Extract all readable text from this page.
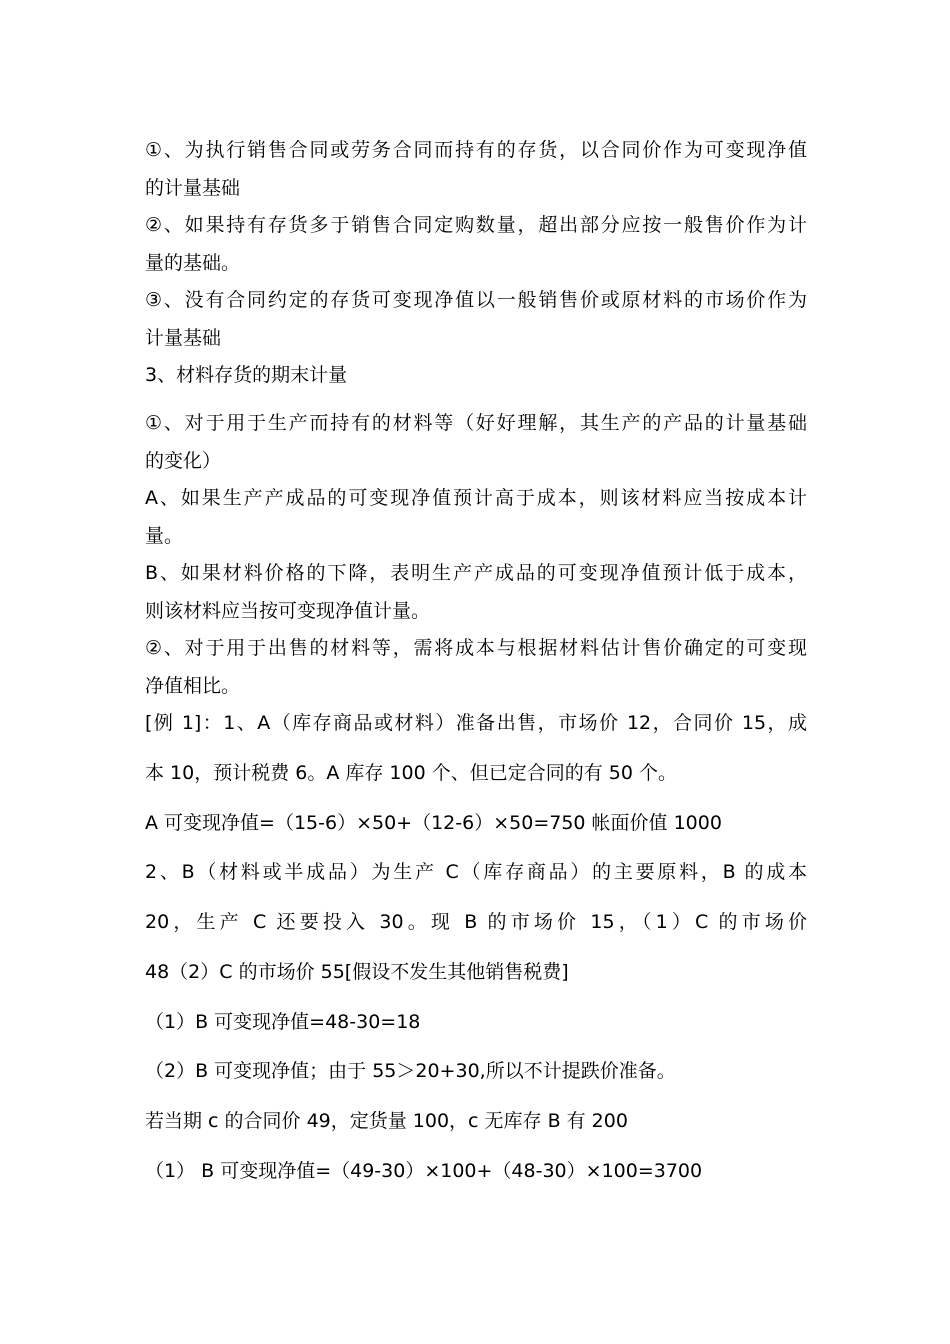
①、为执行销售合同或劳务合同而持有的存货，以合同价作为可变现净值
的计量基础
②、如果持有存货多于销售合同定购数量，超出部分应按一般售价作为计
量的基础。
③、没有合同约定的存货可变现净值以一般销售价或原材料的市场价作为
计量基础
3、材料存货的期末计量
①、对于用于生产而持有的材料等（好好理解，其生产的产品的计量基础
的变化）
A、如果生产产成品的可变现净值预计高于成本，则该材料应当按成本计
量。
B、如果材料价格的下降，表明生产产成品的可变现净值预计低于成本，
则该材料应当按可变现净值计量。
②、对于用于出售的材料等，需将成本与根据材料估计售价确定的可变现
净值相比。
[例 1]：1、A（库存商品或材料）准备出售，市场价 12，合同价 15，成
本 10，预计税费 6。A 库存 100 个、但已定合同的有 50 个。
A 可变现净值=（15-6）×50+（12-6）×50=750 帐面价值 1000
2、B（材料或半成品）为生产 C（库存商品）的主要原料，B 的成本
20，生产 C 还要投入 30。现 B 的市场价 15，（1）C 的市场价
48（2）C 的市场价 55[假设不发生其他销售税费]
（1）B 可变现净值=48-30=18
（2）B 可变现净值；由于 55＞20+30,所以不计提跌价准备。
若当期 c 的合同价 49，定货量 100，c 无库存 B 有 200
（1） B 可变现净值=（49-30）×100+（48-30）×100=3700
